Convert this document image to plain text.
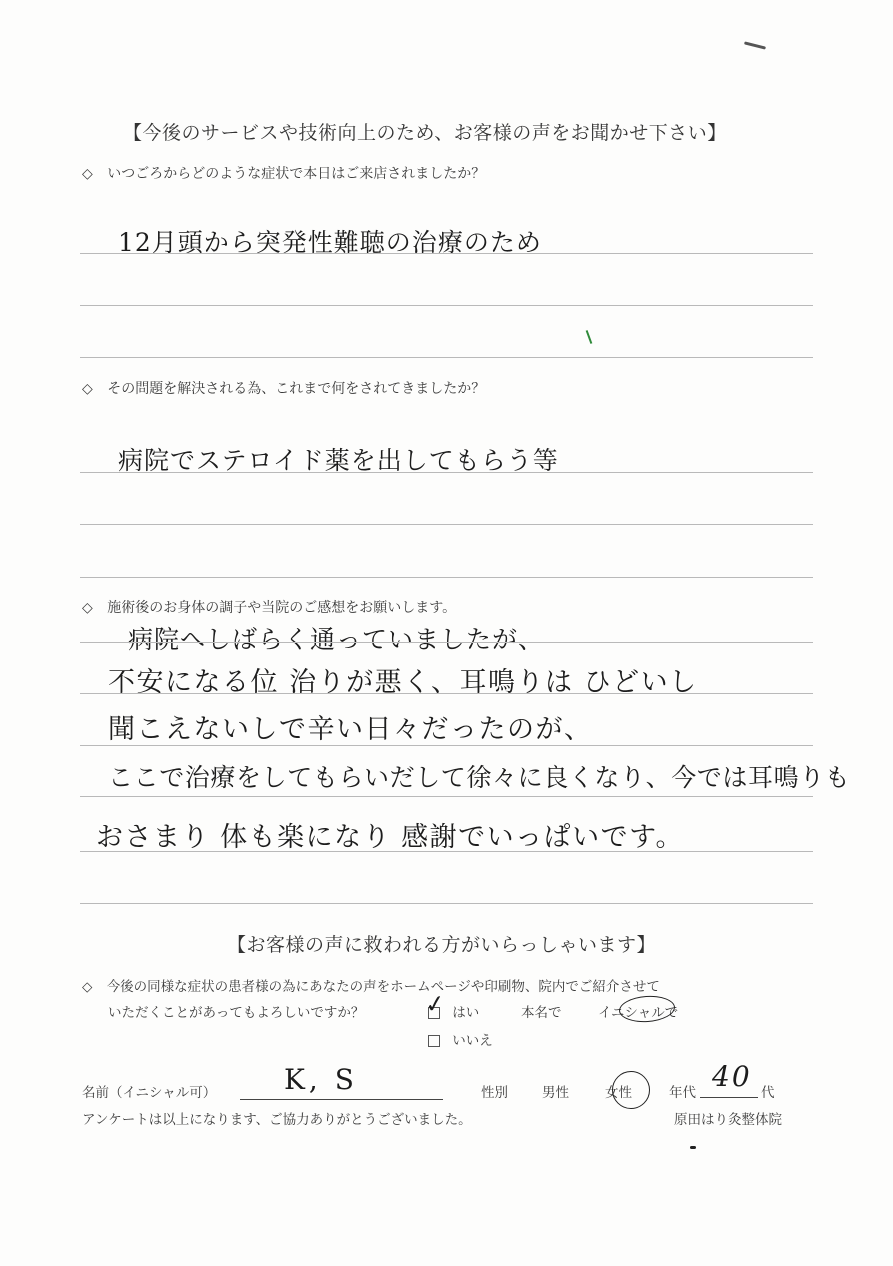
【今後のサービスや技術向上のため、お客様の声をお聞かせ下さい】
◇ いつごろからどのような症状で本日はご来店されましたか？
12月頭から突発性難聴の治療のため
◇ その問題を解決される為、これまで何をされてきましたか？
病院でステロイド薬を出してもらう等
◇ 施術後のお身体の調子や当院のご感想をお願いします。
病院へしばらく通っていましたが、
不安になる位 治りが悪く、耳鳴りは ひどいし
聞こえないしで辛い日々だったのが、
ここで治療をしてもらいだして徐々に良くなり、今では耳鳴りも
おさまり 体も楽になり 感謝でいっぱいです。
【お客様の声に救われる方がいらっしゃいます】
◇ 今後の同様な症状の患者様の為にあなたの声をホームページや印刷物、院内でご紹介させて
いただくことがあってもよろしいですか？	はい
✓	本名で	イニシャルで
いいえ
名前（イニシャル可） K, S	性別	男性	女性	年代 40 代
アンケートは以上になります、ご協力ありがとうございました。	原田はり灸整体院
